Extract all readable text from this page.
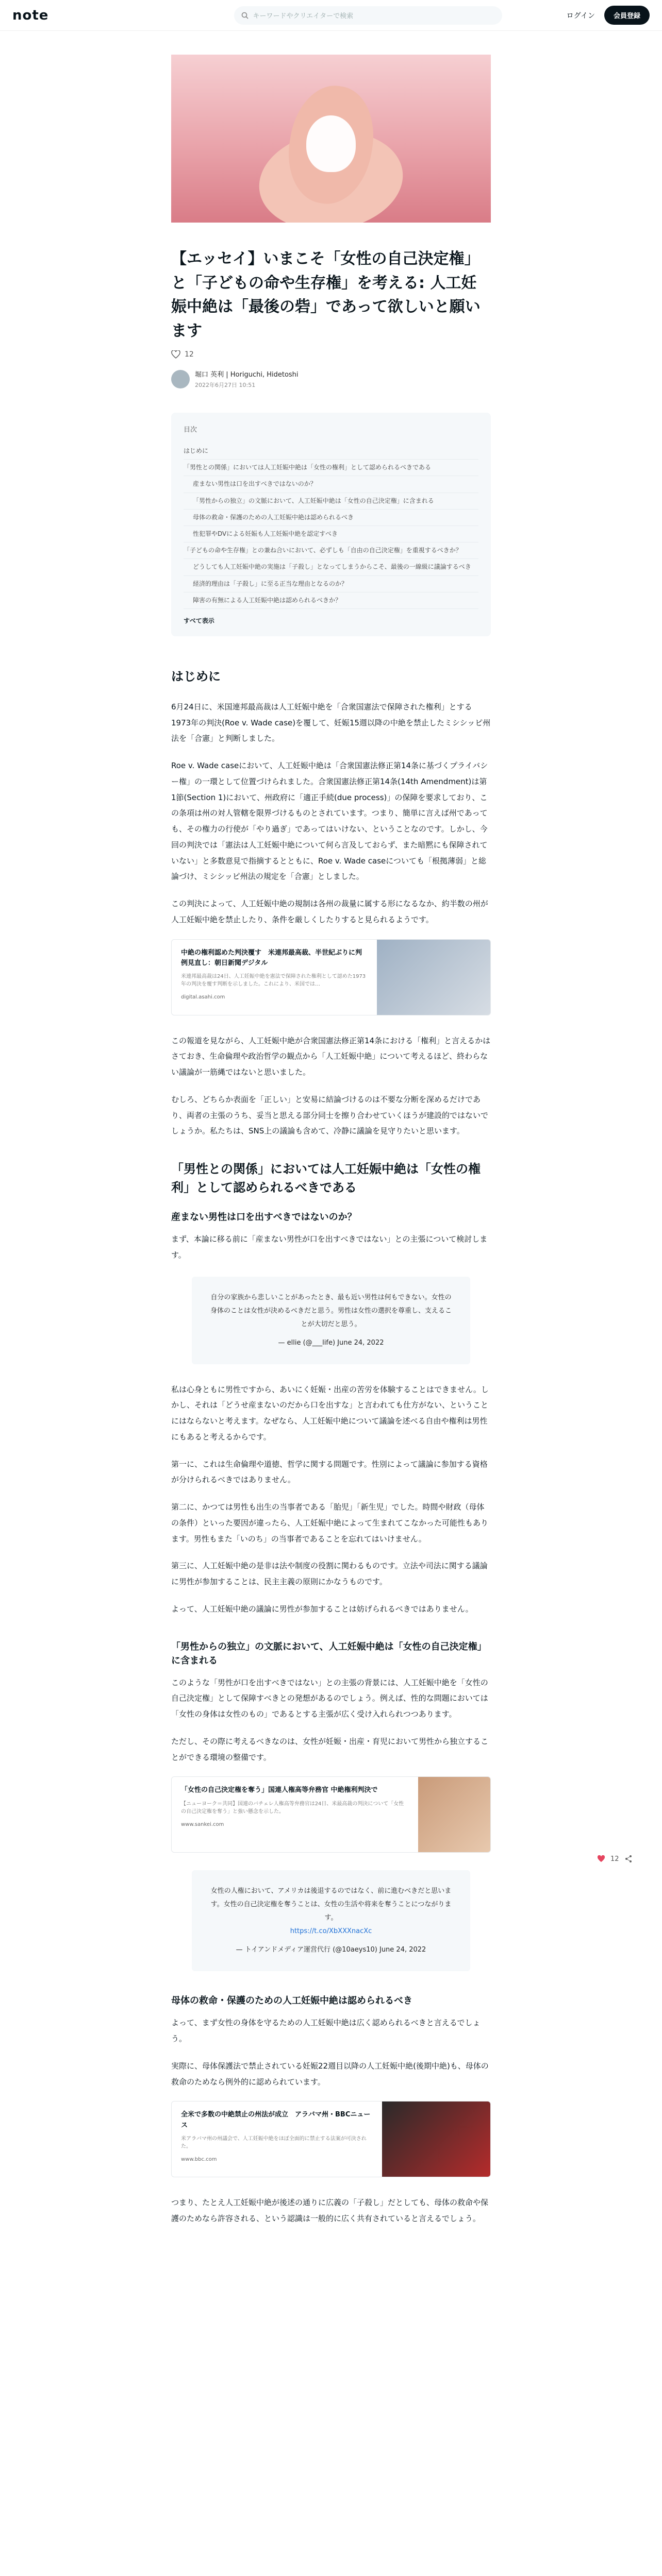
note	キーワードやクリエイターで検索	ログイン	会員登録
【エッセイ】いまこそ「女性の自己決定権」と「子どもの命や生存権」を考える: 人工妊娠中絶は「最後の砦」であって欲しいと願います
12
堀口 英利 | Horiguchi, Hidetoshi
2022年6月27日 10:51
目次
はじめに
「男性との関係」においては人工妊娠中絶は「女性の権利」として認められるべきである
産まない男性は口を出すべきではないのか？
「男性からの独立」の文脈において、人工妊娠中絶は「女性の自己決定権」に含まれる
母体の救命・保護のための人工妊娠中絶は認められるべき
性犯罪やDVによる妊娠も人工妊娠中絶を認定すべき
「子どもの命や生存権」との兼ね合いにおいて、必ずしも「自由の自己決定権」を重視するべきか？
どうしても人工妊娠中絶の実施は「子殺し」となってしまうからこそ、最後の一線級に議論するべき
経済的理由は「子殺し」に至る正当な理由となるのか？
障害の有無による人工妊娠中絶は認められるべきか？
すべて表示
はじめに

6月24日に、米国連邦最高裁は人工妊娠中絶を「合衆国憲法で保障された権利」とする1973年の判決(Roe v. Wade case)を覆して、妊娠15週以降の中絶を禁止したミシシッピ州法を「合憲」と判断しました。

Roe v. Wade caseにおいて、人工妊娠中絶は「合衆国憲法修正第14条に基づくプライバシー権」の一環として位置づけられました。合衆国憲法修正第14条(14th Amendment)は第1節(Section 1)において、州政府に「適正手続(due process)」の保障を要求しており、この条項は州の対人管轄を限界づけるものとされています。つまり、簡単に言えば州であっても、その権力の行使が「やり過ぎ」であってはいけない、ということなのです。しかし、今回の判決では「憲法は人工妊娠中絶について何ら言及しておらず、また暗黙にも保障されていない」と多数意見で指摘するとともに、Roe v. Wade caseについても「根拠薄弱」と総論づけ、ミシシッピ州法の規定を「合憲」としました。

この判決によって、人工妊娠中絶の規制は各州の裁量に属する形になるなか、約半数の州が人工妊娠中絶を禁止したり、条件を厳しくしたりすると見られるようです。

中絶の権利認めた判決覆す　米連邦最高裁、半世紀ぶりに判例見直し：朝日新聞デジタル
米連邦最高裁は24日、人工妊娠中絶を憲法で保障された権利として認めた1973年の判決を覆す判断を示しました。これにより、米国では…
digital.asahi.com

この報道を見ながら、人工妊娠中絶が合衆国憲法修正第14条における「権利」と言えるかはさておき、生命倫理や政治哲学の観点から「人工妊娠中絶」について考えるほど、終わらない議論が一筋縄ではないと思いました。

むしろ、どちらか表面を「正しい」と安易に結論づけるのは不要な分断を深めるだけであり、両者の主張のうち、妥当と思える部分同士を擦り合わせていくほうが建設的ではないでしょうか。私たちは、SNS上の議論も含めて、冷静に議論を見守りたいと思います。

「男性との関係」においては人工妊娠中絶は「女性の権利」として認められるべきである
産まない男性は口を出すべきではないのか？

まず、本論に移る前に「産まない男性が口を出すべきではない」との主張について検討します。

自分の家族から悲しいことがあったとき、最も近い男性は何もできない。女性の身体のことは女性が決めるべきだと思う。男性は女性の選択を尊重し、支えることが大切だと思う。
— ellie (@___life) June 24, 2022

私は心身ともに男性ですから、あいにく妊娠・出産の苦労を体験することはできません。しかし、それは「どうせ産まないのだから口を出すな」と言われても仕方がない、ということにはならないと考えます。なぜなら、人工妊娠中絶について議論を述べる自由や権利は男性にもあると考えるからです。

第一に、これは生命倫理や道徳、哲学に関する問題です。性別によって議論に参加する資格が分けられるべきではありません。

第二に、かつては男性も出生の当事者である「胎児」「新生児」でした。時間や財政（母体の条件）といった要因が違ったら、人工妊娠中絶によって生まれてこなかった可能性もあります。男性もまた「いのち」の当事者であることを忘れてはいけません。

第三に、人工妊娠中絶の是非は法や制度の役割に関わるものです。立法や司法に関する議論に男性が参加することは、民主主義の原則にかなうものです。

よって、人工妊娠中絶の議論に男性が参加することは妨げられるべきではありません。

「男性からの独立」の文脈において、人工妊娠中絶は「女性の自己決定権」に含まれる

このような「男性が口を出すべきではない」との主張の背景には、人工妊娠中絶を「女性の自己決定権」として保障すべきとの発想があるのでしょう。例えば、性的な問題においては「女性の身体は女性のもの」であるとする主張が広く受け入れられつつあります。

ただし、その際に考えるべきなのは、女性が妊娠・出産・育児において男性から独立することができる環境の整備です。

「女性の自己決定権を奪う」国連人権高等弁務官 中絶権利判決で
【ニューヨーク＝共同】国連のバチェレ人権高等弁務官は24日、米最高裁の判決について「女性の自己決定権を奪う」と強い懸念を示した。
www.sankei.com
女性の人権において、アメリカは後退するのではなく、前に進むべきだと思います。女性の自己決定権を奪うことは、女性の生活や将来を奪うことにつながります。
https://t.co/XbXXXnacXc
— トイアンドメディア運営代行 (@10aeys10) June 24, 2022
母体の救命・保護のための人工妊娠中絶は認められるべき

よって、まず女性の身体を守るための人工妊娠中絶は広く認められるべきと言えるでしょう。

実際に、母体保護法で禁止されている妊娠22週目以降の人工妊娠中絶(後期中絶)も、母体の救命のためなら例外的に認められています。

全米で多数の中絶禁止の州法が成立　アラバマ州・BBCニュース
米アラバマ州の州議会で、人工妊娠中絶をほぼ全面的に禁止する法案が可決された。
www.bbc.com

つまり、たとえ人工妊娠中絶が後述の通りに広義の「子殺し」だとしても、母体の救命や保護のためなら許容される、という認識は一般的に広く共有されていると言えるでしょう。

12
